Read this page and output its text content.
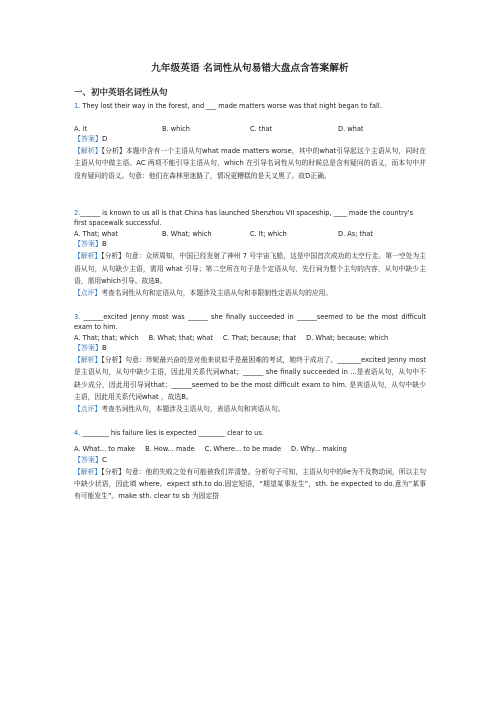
九年级英语 名词性从句易错大盘点含答案解析
一、初中英语名词性从句

1. They lost their way in the forest, and ___ made matters worse was that night began to fall.

A. it	B. which	C. that	D. what
【答案】D

【解析】【分析】本题中含有一个主语从句what made matters worse，其中的what引导起这个主语从句，同时在主语从句中做主语。AC 两项不能引导主语从句，which 在引导名词性从句的时候总是含有疑问的语义，而本句中并没有疑问的语义。句意：他们在森林里迷路了，情况更糟糕的是天又黑了。故D正确。

2.______ is known to us all is that China has launched Shenzhou VII spaceship, ____ made the country's first spacewalk successful.

A. That; what	B. What; which	C. It; which	D. As; that
【答案】B

【解析】【分析】句意：众所周知，中国已经发射了神州 7 号宇宙飞船，这是中国首次成功的太空行走。第一空处为主语从句，从句缺少主语，需用 what 引导；第二空所在句子是个定语从句，先行词为整个主句的内容，从句中缺少主语，需用which引导。故选B。

【点评】考查名词性从句和定语从句，本题涉及主语从句和非限制性定语从句的应用。

3. ______excited Jenny most was ______ she finally succeeded in ______seemed to be the most difficult exam to him.

A. That; that; which B. What; that; what C. That; because; that D. What; because; which
【答案】B

【解析】【分析】句意：珍妮最兴奋的是对他来说似乎是最困难的考试，她终于成功了。_______excited Jenny most 是主语从句，从句中缺少主语，因此用关系代词what；______ she finally succeeded in ...是表语从句，从句中不缺少成分，因此用引导词that；______seemed to be the most difficult exam to him. 是宾语从句，从句中缺少主语，因此用关系代词what ，故选B。

【点评】考查名词性从句，本题涉及主语从句，表语从句和宾语从句。

4. ________ his failure lies is expected ________ clear to us.

A. What... to make B. How... made C. Where... to be made D. Why... making
【答案】C

【解析】【分析】句意：他的失败之处有可能被我们弄清楚。分析句子可知，主语从句中的lie为不及物动词，所以主句中缺少状语，因此填 where。expect sth.to do.固定短语，“期望某事发生”，sth. be expected to do.意为“某事有可能发生”。make sth. clear to sb 为固定搭
